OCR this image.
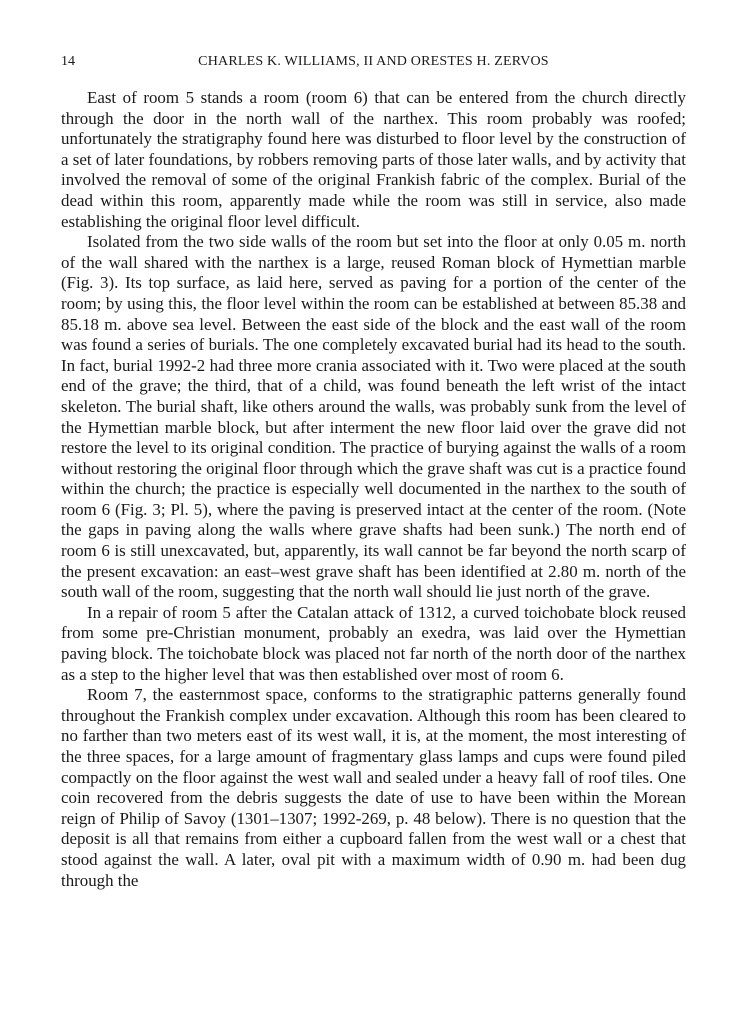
14	CHARLES K. WILLIAMS, II AND ORESTES H. ZERVOS

East of room 5 stands a room (room 6) that can be entered from the church directly through the door in the north wall of the narthex. This room probably was roofed; unfortunately the stratigraphy found here was disturbed to floor level by the construction of a set of later foundations, by robbers removing parts of those later walls, and by activity that involved the removal of some of the original Frankish fabric of the complex. Burial of the dead within this room, apparently made while the room was still in service, also made establishing the original floor level difficult.

Isolated from the two side walls of the room but set into the floor at only 0.05 m. north of the wall shared with the narthex is a large, reused Roman block of Hymettian marble (Fig. 3). Its top surface, as laid here, served as paving for a portion of the center of the room; by using this, the floor level within the room can be established at between 85.38 and 85.18 m. above sea level. Between the east side of the block and the east wall of the room was found a series of burials. The one completely excavated burial had its head to the south. In fact, burial 1992-2 had three more crania associated with it. Two were placed at the south end of the grave; the third, that of a child, was found beneath the left wrist of the intact skeleton. The burial shaft, like others around the walls, was probably sunk from the level of the Hymettian marble block, but after interment the new floor laid over the grave did not restore the level to its original condition. The practice of burying against the walls of a room without restoring the original floor through which the grave shaft was cut is a practice found within the church; the practice is especially well documented in the narthex to the south of room 6 (Fig. 3; Pl. 5), where the paving is preserved intact at the center of the room. (Note the gaps in paving along the walls where grave shafts had been sunk.) The north end of room 6 is still unexcavated, but, apparently, its wall cannot be far beyond the north scarp of the present excavation: an east–west grave shaft has been identified at 2.80 m. north of the south wall of the room, suggesting that the north wall should lie just north of the grave.

In a repair of room 5 after the Catalan attack of 1312, a curved toichobate block reused from some pre-Christian monument, probably an exedra, was laid over the Hymettian paving block. The toichobate block was placed not far north of the north door of the narthex as a step to the higher level that was then established over most of room 6.

Room 7, the easternmost space, conforms to the stratigraphic patterns generally found throughout the Frankish complex under excavation. Although this room has been cleared to no farther than two meters east of its west wall, it is, at the moment, the most interesting of the three spaces, for a large amount of fragmentary glass lamps and cups were found piled compactly on the floor against the west wall and sealed under a heavy fall of roof tiles. One coin recovered from the debris suggests the date of use to have been within the Morean reign of Philip of Savoy (1301–1307; 1992-269, p. 48 below). There is no question that the deposit is all that remains from either a cupboard fallen from the west wall or a chest that stood against the wall. A later, oval pit with a maximum width of 0.90 m. had been dug through the
